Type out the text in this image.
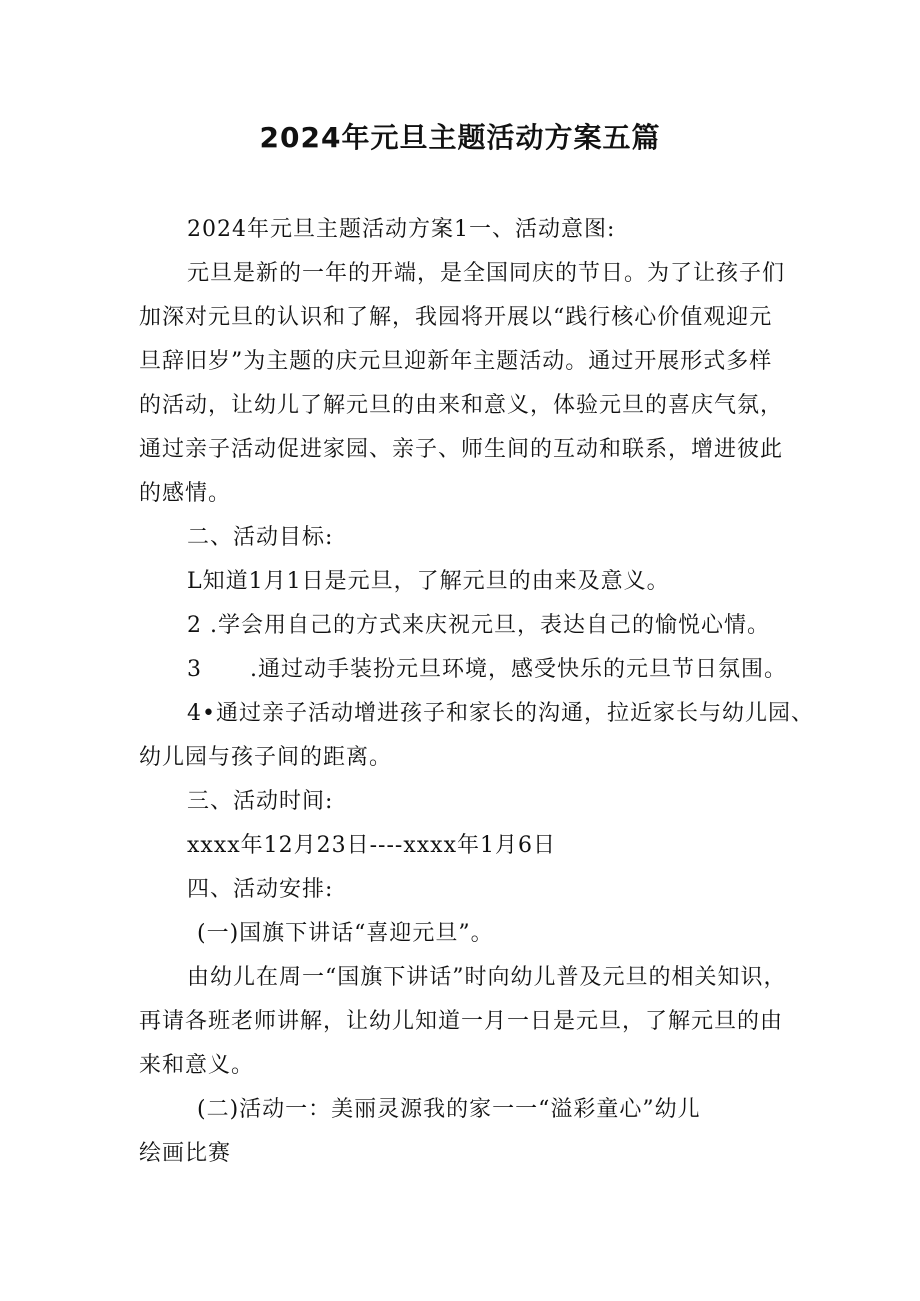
2024年元旦主题活动方案五篇
2024年元旦主题活动方案1一、活动意图:
元旦是新的一年的开端，是全国同庆的节日。为了让孩子们
加深对元旦的认识和了解，我园将开展以“践行核心价值观迎元
旦辞旧岁”为主题的庆元旦迎新年主题活动。通过开展形式多样
的活动，让幼儿了解元旦的由来和意义，体验元旦的喜庆气氛，
通过亲子活动促进家园、亲子、师生间的互动和联系，增进彼此
的感情。
二、活动目标:
L知道1月1日是元旦，了解元旦的由来及意义。
2 .学会用自己的方式来庆祝元旦，表达自己的愉悦心情。
3      .通过动手装扮元旦环境，感受快乐的元旦节日氛围。
4•通过亲子活动增进孩子和家长的沟通，拉近家长与幼儿园、
幼儿园与孩子间的距离。
三、活动时间:
xxxx年12月23日----xxxx年1月6日
四、活动安排:
(一)国旗下讲话“喜迎元旦”。
由幼儿在周一“国旗下讲话”时向幼儿普及元旦的相关知识，
再请各班老师讲解，让幼儿知道一月一日是元旦，了解元旦的由
来和意义。
(二)活动一：美丽灵源我的家一一“溢彩童心”幼儿
绘画比赛
